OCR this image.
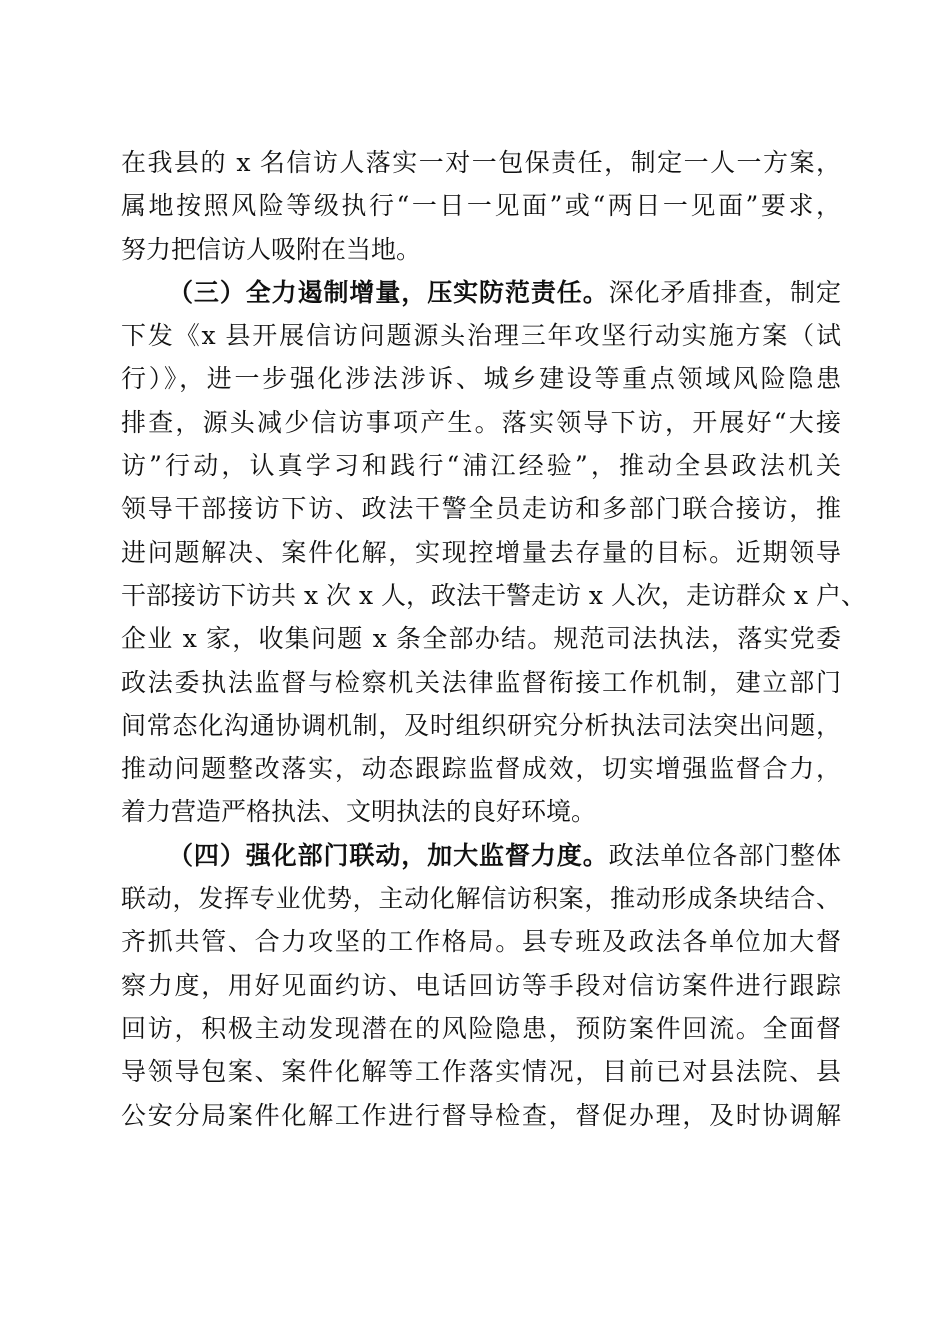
在我县的 x 名信访人落实一对一包保责任，制定一人一方案，
属地按照风险等级执行“一日一见面”或“两日一见面”要求，
努力把信访人吸附在当地。
（三）全力遏制增量，压实防范责任。深化矛盾排查，制定
下发《x 县开展信访问题源头治理三年攻坚行动实施方案（试
行）》，进一步强化涉法涉诉、城乡建设等重点领域风险隐患
排查，源头减少信访事项产生。落实领导下访，开展好“大接
访”行动，认真学习和践行“浦江经验”，推动全县政法机关
领导干部接访下访、政法干警全员走访和多部门联合接访，推
进问题解决、案件化解，实现控增量去存量的目标。近期领导
干部接访下访共 x 次 x 人，政法干警走访 x 人次，走访群众 x 户、
企业 x 家，收集问题 x 条全部办结。规范司法执法，落实党委
政法委执法监督与检察机关法律监督衔接工作机制，建立部门
间常态化沟通协调机制，及时组织研究分析执法司法突出问题，
推动问题整改落实，动态跟踪监督成效，切实增强监督合力，
着力营造严格执法、文明执法的良好环境。
（四）强化部门联动，加大监督力度。政法单位各部门整体
联动，发挥专业优势，主动化解信访积案，推动形成条块结合、
齐抓共管、合力攻坚的工作格局。县专班及政法各单位加大督
察力度，用好见面约访、电话回访等手段对信访案件进行跟踪
回访，积极主动发现潜在的风险隐患，预防案件回流。全面督
导领导包案、案件化解等工作落实情况，目前已对县法院、县
公安分局案件化解工作进行督导检查，督促办理，及时协调解
